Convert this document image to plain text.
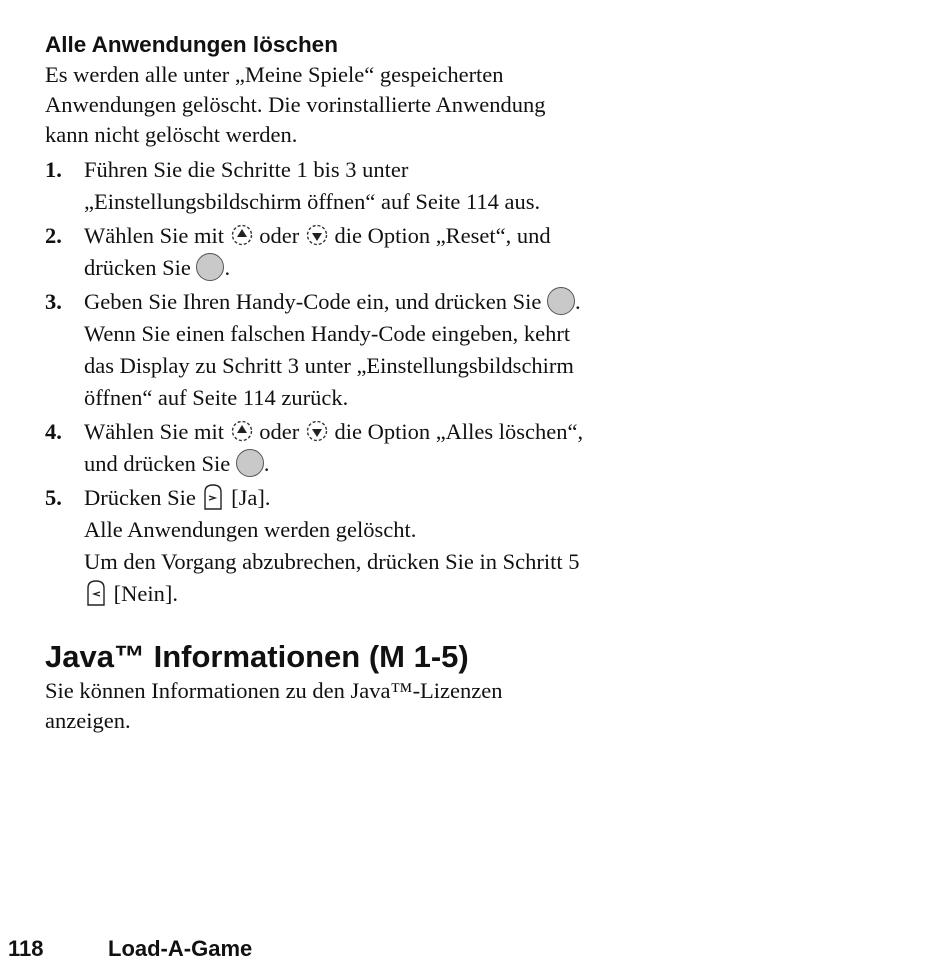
Alle Anwendungen löschen

Es werden alle unter „Meine Spiele“ gespeicherten
Anwendungen gelöscht. Die vorinstallierte Anwendung
kann nicht gelöscht werden.

1. Führen Sie die Schritte 1 bis 3 unter
„Einstellungsbildschirm öffnen“ auf Seite 114 aus.
2. Wählen Sie mit oder die Option „Reset“, und
drücken Sie .
3. Geben Sie Ihren Handy-Code ein, und drücken Sie .
Wenn Sie einen falschen Handy-Code eingeben, kehrt
das Display zu Schritt 3 unter „Einstellungsbildschirm
öffnen“ auf Seite 114 zurück.
4. Wählen Sie mit oder die Option „Alles löschen“,
und drücken Sie .
5. Drücken Sie [Ja].
Alle Anwendungen werden gelöscht.
Um den Vorgang abzubrechen, drücken Sie in Schritt 5
[Nein].
Java™ Informationen (M 1-5)

Sie können Informationen zu den Java™-Lizenzen
anzeigen.

118	Load-A-Game
